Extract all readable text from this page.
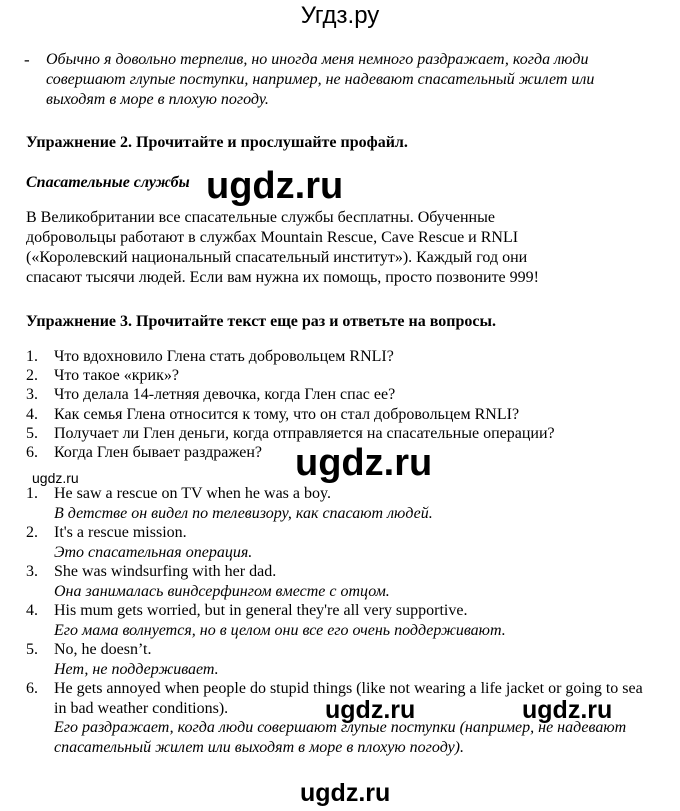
Угдз.ру
- Обычно я довольно терпелив, но иногда меня немного раздражает, когда люди совершают глупые поступки, например, не надевают спасательный жилет или выходят в море в плохую погоду.
Упражнение 2. Прочитайте и прослушайте профайл.
Спасательные службы ugdz.ru
В Великобритании все спасательные службы бесплатны. Обученные добровольцы работают в службах Mountain Rescue, Cave Rescue и RNLI («Королевский национальный спасательный институт»). Каждый год они спасают тысячи людей. Если вам нужна их помощь, просто позвоните 999!
Упражнение 3. Прочитайте текст еще раз и ответьте на вопросы.
1.	Что вдохновило Глена стать добровольцем RNLI?
2.	Что такое «крик»?
3.	Что делала 14-летняя девочка, когда Глен спас ее?
4.	Как семья Глена относится к тому, что он стал добровольцем RNLI?
5.	Получает ли Глен деньги, когда отправляется на спасательные операции?
6.	Когда Глен бывает раздражен? ugdz.ru
ugdz.ru
1.	He saw a rescue on TV when he was a boy.
В детстве он видел по телевизору, как спасают людей.
2.	It's a rescue mission.
Это спасательная операция.
3.	She was windsurfing with her dad.
Она занималась виндсерфингом вместе с отцом.
4.	His mum gets worried, but in general they're all very supportive.
Его мама волнуется, но в целом они все его очень поддерживают.
5.	No, he doesn’t.
Нет, не поддерживает.
6.	He gets annoyed when people do stupid things (like not wearing a life jacket or going to sea in bad weather conditions).
Его раздражает, когда люди совершают глупые поступки (например, не надевают спасательный жилет или выходят в море в плохую погоду).
ugdz.ru	ugdz.ru
ugdz.ru
